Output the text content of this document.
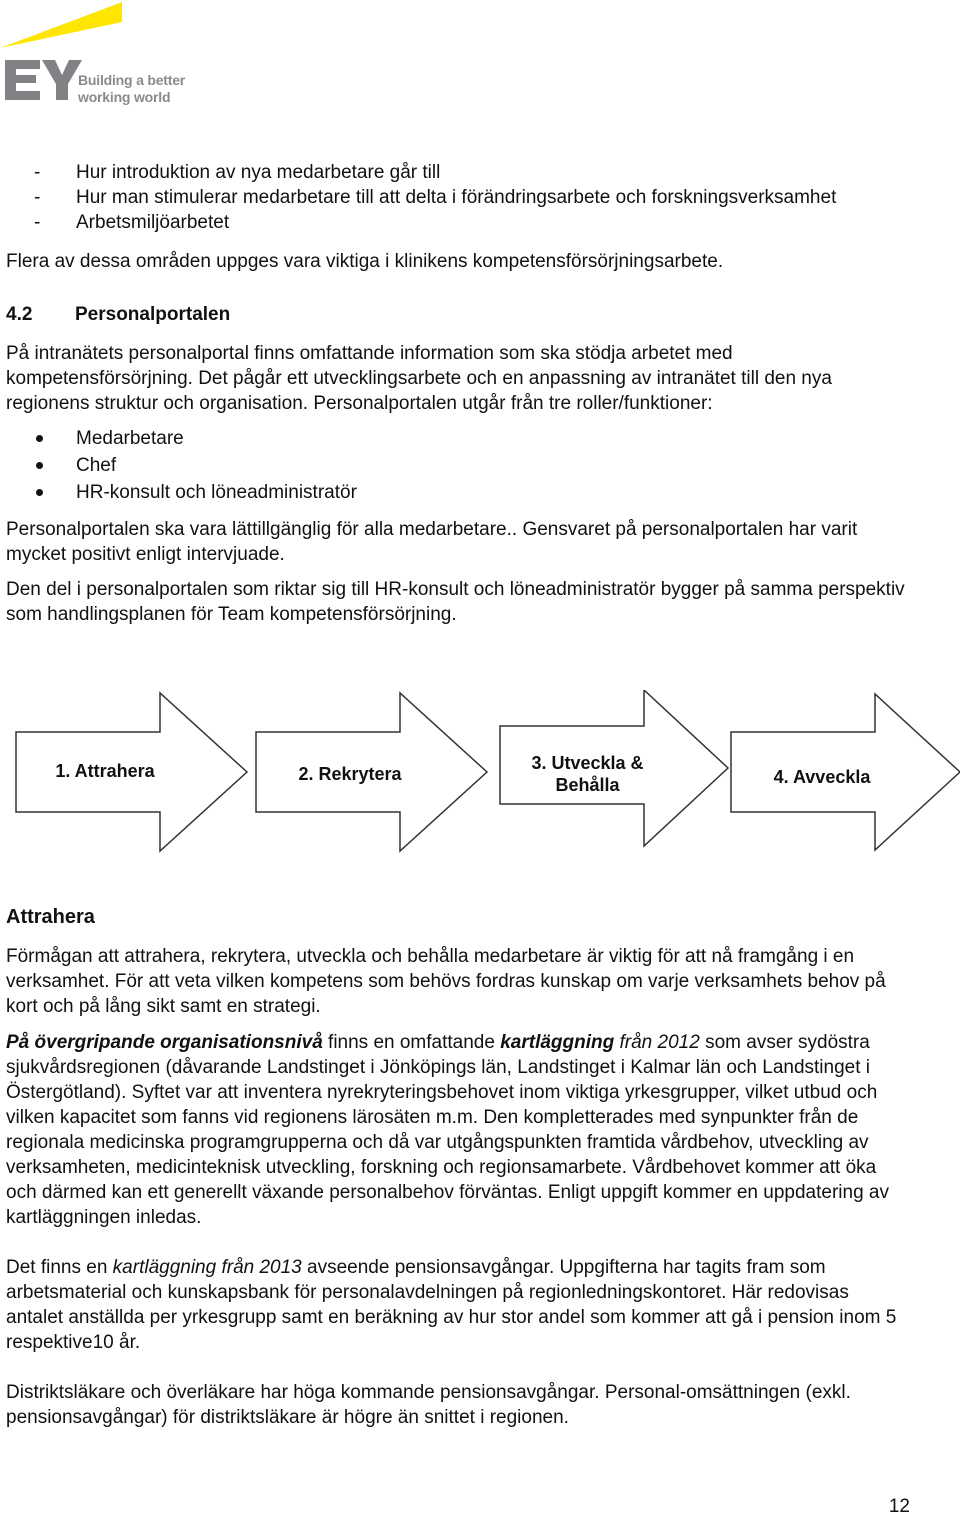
Building a better
working world
- Hur introduktion av nya medarbetare går till
- Hur man stimulerar medarbetare till att delta i förändringsarbete och forskningsverksamhet
- Arbetsmiljöarbetet

Flera av dessa områden uppges vara viktiga i klinikens kompetensförsörjningsarbete.

4.2 Personalportalen

På intranätets personalportal finns omfattande information som ska stödja arbetet med kompetensförsörjning. Det pågår ett utvecklingsarbete och en anpassning av intranätet till den nya regionens struktur och organisation. Personalportalen utgår från tre roller/funktioner:

Medarbetare
Chef
HR-konsult och löneadministratör

Personalportalen ska vara lättillgänglig för alla medarbetare.. Gensvaret på personalportalen har varit mycket positivt enligt intervjuade.

Den del i personalportalen som riktar sig till HR-konsult och löneadministratör bygger på samma perspektiv som handlingsplanen för Team kompetensförsörjning.

1. Attrahera	2. Rekrytera
3. Utveckla &
Behålla	4. Avveckla

Attrahera

Förmågan att attrahera, rekrytera, utveckla och behålla medarbetare är viktig för att nå framgång i en verksamhet. För att veta vilken kompetens som behövs fordras kunskap om varje verksamhets behov på kort och på lång sikt samt en strategi.

På övergripande organisationsnivå finns en omfattande kartläggning från 2012 som avser sydöstra sjukvårdsregionen (dåvarande Landstinget i Jönköpings län, Landstinget i Kalmar län och Landstinget i Östergötland). Syftet var att inventera nyrekryteringsbehovet inom viktiga yrkesgrupper, vilket utbud och vilken kapacitet som fanns vid regionens lärosäten m.m. Den kompletterades med synpunkter från de regionala medicinska programgrupperna och då var utgångspunkten framtida vårdbehov, utveckling av verksamheten, medicinteknisk utveckling, forskning och regionsamarbete. Vårdbehovet kommer att öka och därmed kan ett generellt växande personalbehov förväntas. Enligt uppgift kommer en uppdatering av kartläggningen inledas.

Det finns en kartläggning från 2013 avseende pensionsavgångar. Uppgifterna har tagits fram som arbetsmaterial och kunskapsbank för personalavdelningen på regionledningskontoret. Här redovisas antalet anställda per yrkesgrupp samt en beräkning av hur stor andel som kommer att gå i pension inom 5 respektive10 år.

Distriktsläkare och överläkare har höga kommande pensionsavgångar. Personal-omsättningen (exkl. pensionsavgångar) för distriktsläkare är högre än snittet i regionen.

12
